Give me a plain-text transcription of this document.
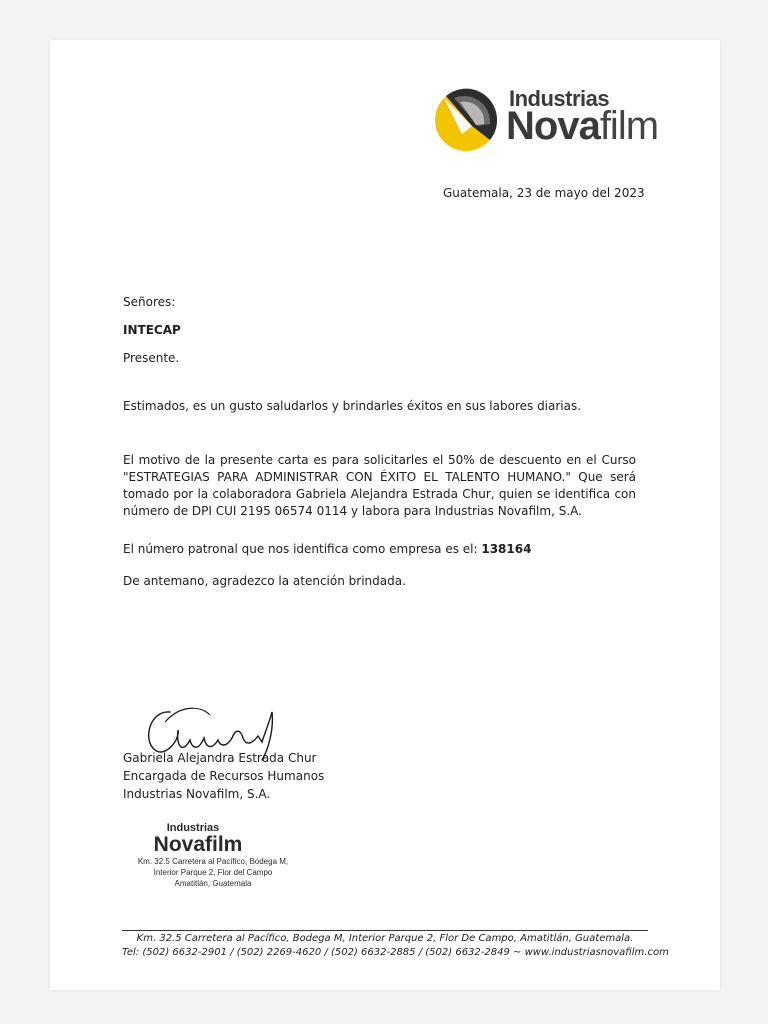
Industrias
Novafilm

Guatemala, 23 de mayo del 2023

Señores:

INTECAP

Presente.

Estimados, es un gusto saludarlos y brindarles éxitos en sus labores diarias.

El motivo de la presente carta es para solicitarles el 50% de descuento en el Curso "ESTRATEGIAS PARA ADMINISTRAR CON ÉXITO EL TALENTO HUMANO." Que será tomado por la colaboradora Gabriela Alejandra Estrada Chur, quien se identifica con número de DPI CUI 2195 06574 0114 y labora para Industrias Novafilm, S.A.

El número patronal que nos identifica como empresa es el: 138164

De antemano, agradezco la atención brindada.

Gabriela Alejandra Estrada Chur

Encargada de Recursos Humanos

Industrias Novafilm, S.A.

Industrias
Novafilm
Km. 32.5 Carretera al Pacífico, Bodega M,
Interior Parque 2, Flor del Campo
Amatitlán, Guatemala
Km. 32.5 Carretera al Pacífico, Bodega M, Interior Parque 2, Flor De Campo, Amatitlán, Guatemala.
Tel: (502) 6632-2901 / (502) 2269-4620 / (502) 6632-2885 / (502) 6632-2849 ~ www.industriasnovafilm.com
